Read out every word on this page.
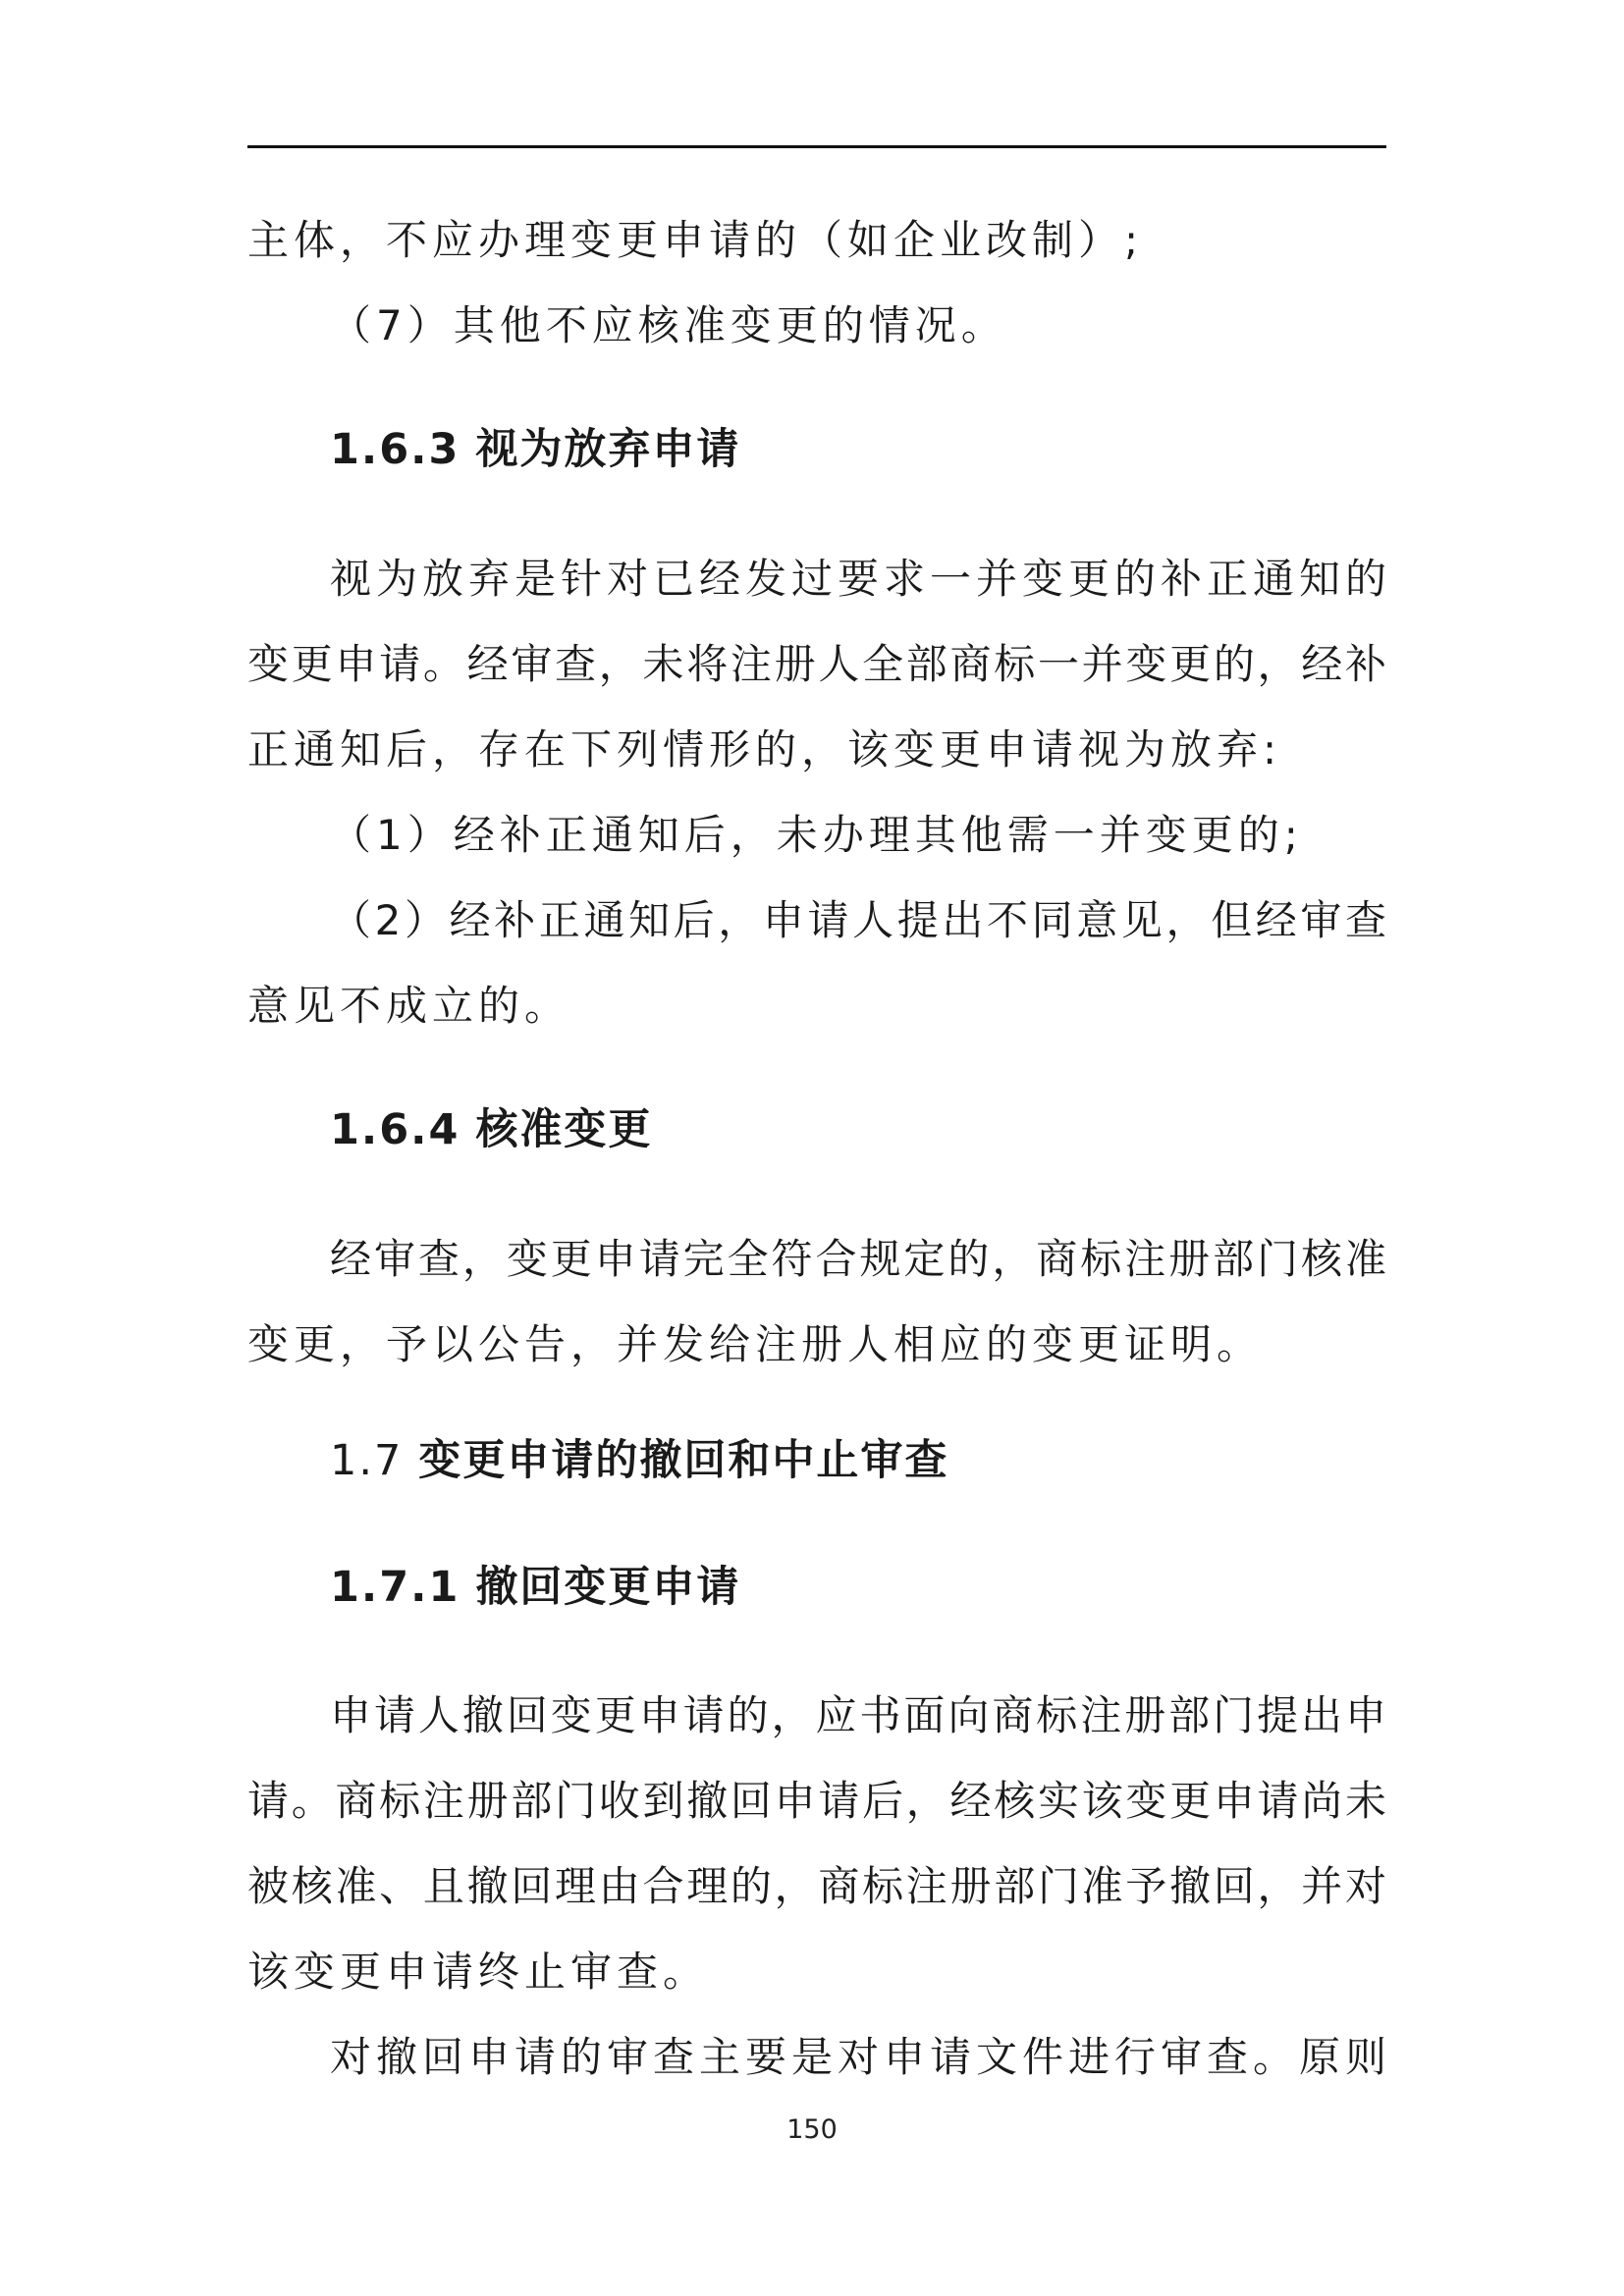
主体，不应办理变更申请的（如企业改制）;
（7）其他不应核准变更的情况。
1.6.3 视为放弃申请
视为放弃是针对已经发过要求一并变更的补正通知的
变更申请。经审查，未将注册人全部商标一并变更的，经补
正通知后，存在下列情形的，该变更申请视为放弃:
（1）经补正通知后，未办理其他需一并变更的;
（2）经补正通知后，申请人提出不同意见，但经审查
意见不成立的。
1.6.4 核准变更
经审查，变更申请完全符合规定的，商标注册部门核准
变更，予以公告，并发给注册人相应的变更证明。
1.7 变更申请的撤回和中止审查
1.7.1 撤回变更申请
申请人撤回变更申请的，应书面向商标注册部门提出申
请。商标注册部门收到撤回申请后，经核实该变更申请尚未
被核准、且撤回理由合理的，商标注册部门准予撤回，并对
该变更申请终止审查。
对撤回申请的审查主要是对申请文件进行审查。原则
150
